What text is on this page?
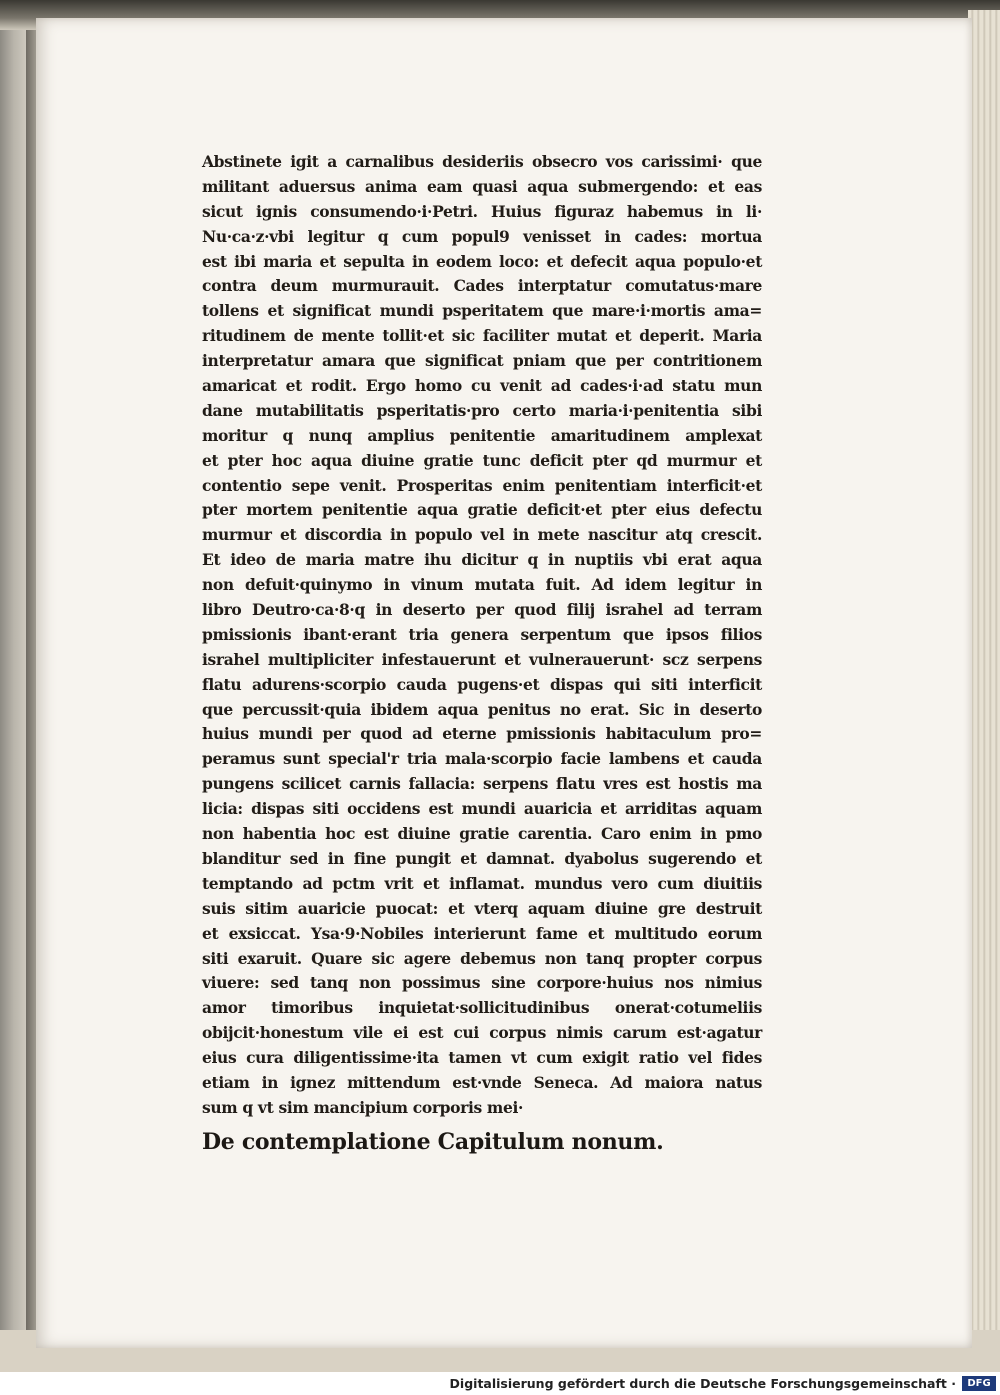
Abstinete igit a carnalibus desideriis obsecro vos carissimi· que
militant aduersus anima eam quasi aqua submergendo: et eas
sicut ignis consumendo·i·Petri. Huius figuraz habemus in li·
Nu·ca·z·vbi legitur q cum popul9 venisset in cades: mortua
est ibi maria et sepulta in eodem loco: et defecit aqua populo·et
contra deum murmurauit. Cades interptatur comutatus·mare
tollens et significat mundi psperitatem que mare·i·mortis ama=
ritudinem de mente tollit·et sic faciliter mutat et deperit. Maria
interpretatur amara que significat pniam que per contritionem
amaricat et rodit. Ergo homo cu venit ad cades·i·ad statu mun
dane mutabilitatis psperitatis·pro certo maria·i·penitentia sibi
moritur q nunq amplius penitentie amaritudinem amplexat
et pter hoc aqua diuine gratie tunc deficit pter qd murmur et
contentio sepe venit. Prosperitas enim penitentiam interficit·et
pter mortem penitentie aqua gratie deficit·et pter eius defectu
murmur et discordia in populo vel in mete nascitur atq crescit.
Et ideo de maria matre ihu dicitur q in nuptiis vbi erat aqua
non defuit·quinymo in vinum mutata fuit. Ad idem legitur in
libro Deutro·ca·8·q in deserto per quod filij israhel ad terram
pmissionis ibant·erant tria genera serpentum que ipsos filios
israhel multipliciter infestauerunt et vulnerauerunt· scz serpens
flatu adurens·scorpio cauda pugens·et dispas qui siti interficit
que percussit·quia ibidem aqua penitus no erat. Sic in deserto
huius mundi per quod ad eterne pmissionis habitaculum pro=
peramus sunt special'r tria mala·scorpio facie lambens et cauda
pungens scilicet carnis fallacia: serpens flatu vres est hostis ma
licia: dispas siti occidens est mundi auaricia et arriditas aquam
non habentia hoc est diuine gratie carentia. Caro enim in pmo
blanditur sed in fine pungit et damnat. dyabolus sugerendo et
temptando ad pctm vrit et inflamat. mundus vero cum diuitiis
suis sitim auaricie puocat: et vterq aquam diuine gre destruit
et exsiccat. Ysa·9·Nobiles interierunt fame et multitudo eorum
siti exaruit. Quare sic agere debemus non tanq propter corpus
viuere: sed tanq non possimus sine corpore·huius nos nimius
amor timoribus inquietat·sollicitudinibus onerat·cotumeliis
obijcit·honestum vile ei est cui corpus nimis carum est·agatur
eius cura diligentissime·ita tamen vt cum exigit ratio vel fides
etiam in ignez mittendum est·vnde Seneca. Ad maiora natus
sum q vt sim mancipium corporis mei·
De contemplatione Capitulum nonum.
Digitalisierung gefördert durch die Deutsche Forschungsgemeinschaft ·	DFG
